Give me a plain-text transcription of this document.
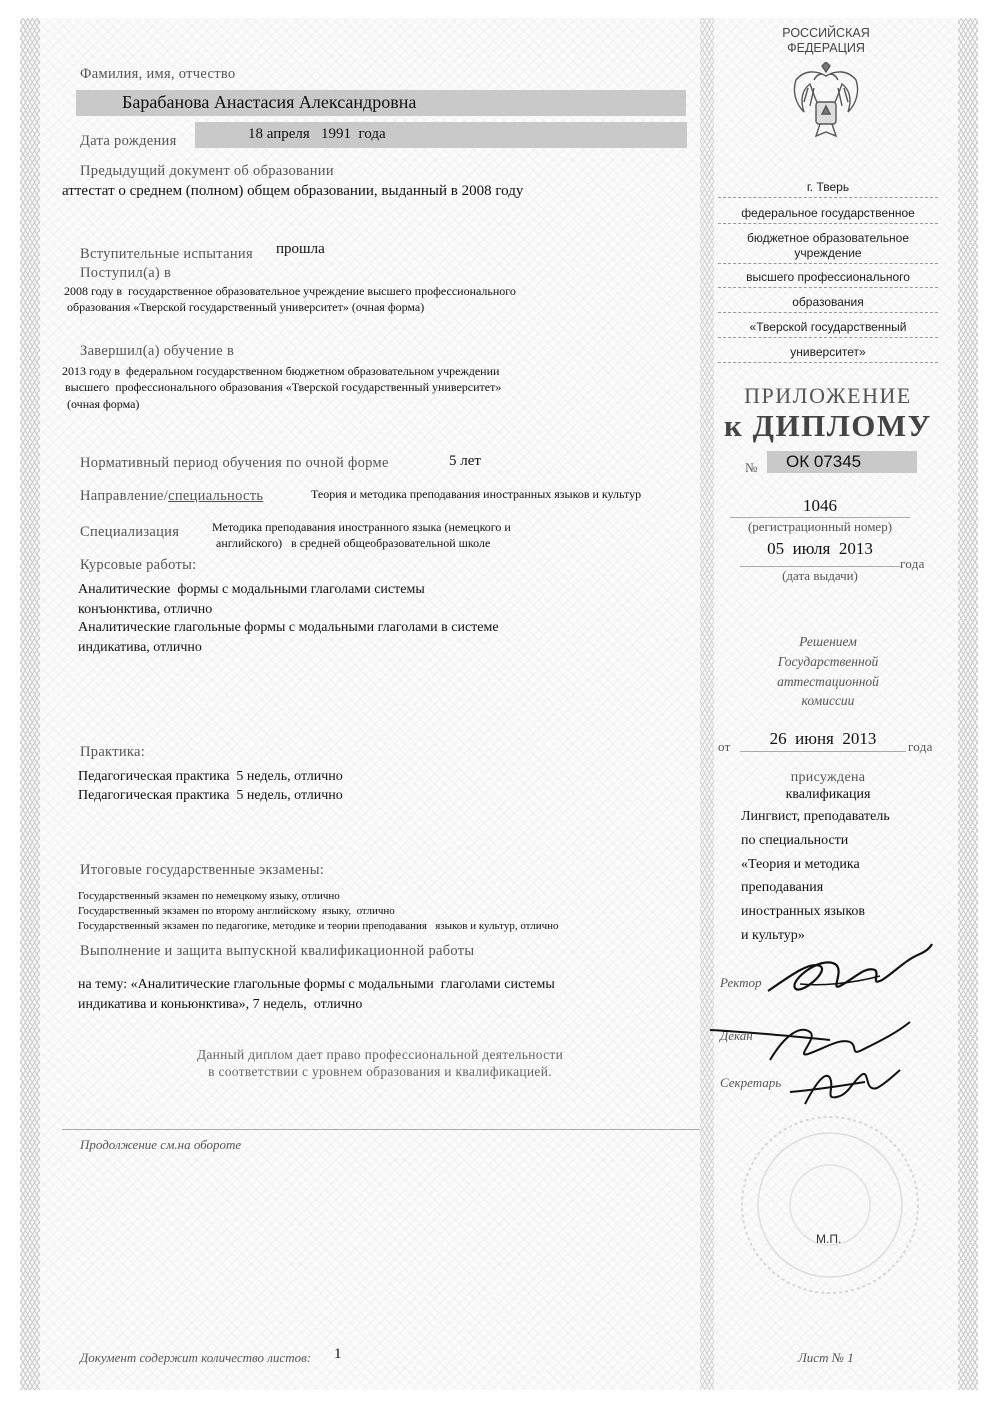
РОССИЙСКАЯ
ФЕДЕРАЦИЯ
Фамилия, имя, отчество
Барабанова Анастасия Александровна
Дата рождения	18 апреля   1991  года
Предыдущий документ об образовании
аттестат о среднем (полном) общем образовании, выданный в 2008 году
Вступительные испытания прошла
Поступил(а) в
2008 году в  государственное образовательное учреждение высшего профессионального
образования «Тверской государственный университет» (очная форма)
Завершил(а) обучение в
2013 году в  федеральном государственном бюджетном образовательном учреждении
высшего  профессионального образования «Тверской государственный университет»
(очная форма)
Нормативный период обучения по очной форме	5 лет
Направление/специальность	Теория и методика преподавания иностранных языков и культур
Специализация	Методика преподавания иностранного языка (немецкого и
английского)   в средней общеобразовательной школе
Курсовые работы:
Аналитические  формы с модальными глаголами системы
конъюнктива, отлично
Аналитические глагольные формы с модальными глаголами в системе
индикатива, отлично
Практика:
Педагогическая практика  5 недель, отлично
Педагогическая практика  5 недель, отлично
Итоговые государственные экзамены:
Государственный экзамен по немецкому языку, отлично
Государственный экзамен по второму английскому  языку,  отлично
Государственный экзамен по педагогике, методике и теории преподавания   языков и культур, отлично
Выполнение и защита выпускной квалификационной работы
на тему: «Аналитические глагольные формы с модальными  глаголами системы
индикатива и коньюнктива», 7 недель,  отлично
Данный диплом дает право профессиональной деятельности
в соответствии с уровнем образования и квалификацией.
Продолжение см.на обороте
Документ содержит количество листов: 1	Лист № 1
г. Тверь
федеральное государственное
бюджетное образовательное
учреждение
высшего профессионального
образования
«Тверской государственный
университет»
ПРИЛОЖЕНИЕ
к ДИПЛОМУ
№ ОК 07345
1046
(регистрационный номер)
05  июля  2013
года
(дата выдачи)
Решением
Государственной
аттестационной
комиссии
от	26  июня  2013	года
присуждена
квалификация
Лингвист, преподаватель
по специальности
«Теория и методика
преподавания
иностранных языков
и культур»
Ректор
Декан
Секретарь
М.П.
